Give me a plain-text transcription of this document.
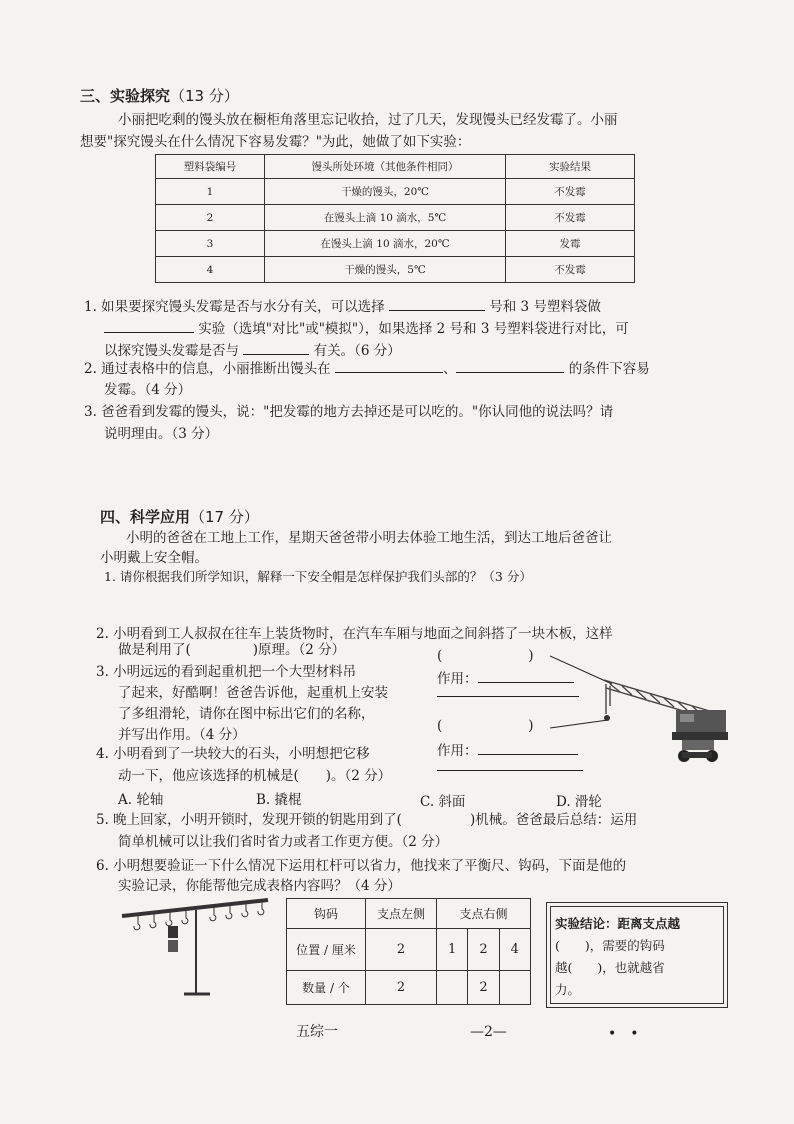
三、实验探究（13 分）
小丽把吃剩的馒头放在橱柜角落里忘记收拾，过了几天，发现馒头已经发霉了。小丽
想要"探究馒头在什么情况下容易发霉？"为此，她做了如下实验：
塑料袋编号	馒头所处环境（其他条件相同）	实验结果
1	干燥的馒头，20℃	不发霉
2	在馒头上滴 10 滴水，5℃	不发霉
3	在馒头上滴 10 滴水，20℃	发霉
4	干燥的馒头，5℃	不发霉
1. 如果要探究馒头发霉是否与水分有关，可以选择	号和 3 号塑料袋做
实验（选填"对比"或"模拟"），如果选择 2 号和 3 号塑料袋进行对比，可
以探究馒头发霉是否与	有关。（6 分）
2. 通过表格中的信息，小丽推断出馒头在	、	的条件下容易
发霉。（4 分）
3. 爸爸看到发霉的馒头，说："把发霉的地方去掉还是可以吃的。"你认同他的说法吗？请
说明理由。（3 分）
四、科学应用（17 分）
小明的爸爸在工地上工作，星期天爸爸带小明去体验工地生活，到达工地后爸爸让
小明戴上安全帽。
1. 请你根据我们所学知识，解释一下安全帽是怎样保护我们头部的？（3 分）
2. 小明看到工人叔叔在往车上装货物时，在汽车车厢与地面之间斜搭了一块木板，这样
做是利用了(	)原理。（2 分）
3. 小明远远的看到起重机把一个大型材料吊
了起来，好酷啊！爸爸告诉他，起重机上安装
了多组滑轮，请你在图中标出它们的名称，
并写出作用。（4 分）
(	)
作用：
(	)
作用：
4. 小明看到了一块较大的石头，小明想把它移
动一下，他应该选择的机械是(　　)。（2 分）
A. 轮轴	B. 撬棍	C. 斜面	D. 滑轮
5. 晚上回家，小明开锁时，发现开锁的钥匙用到了(	)机械。爸爸最后总结：运用
简单机械可以让我们省时省力或者工作更方便。（2 分）
6. 小明想要验证一下什么情况下运用杠杆可以省力，他找来了平衡尺、钩码，下面是他的
实验记录，你能帮他完成表格内容吗？（4 分）
钩码	支点左侧	支点右侧		
位置 / 厘米	2	1	2	4
数量 / 个	2		2	
实验结论：距离支点越
(　　)，需要的钩码
越(　　)，也就越省
力。
五综一	—2—	•　•
